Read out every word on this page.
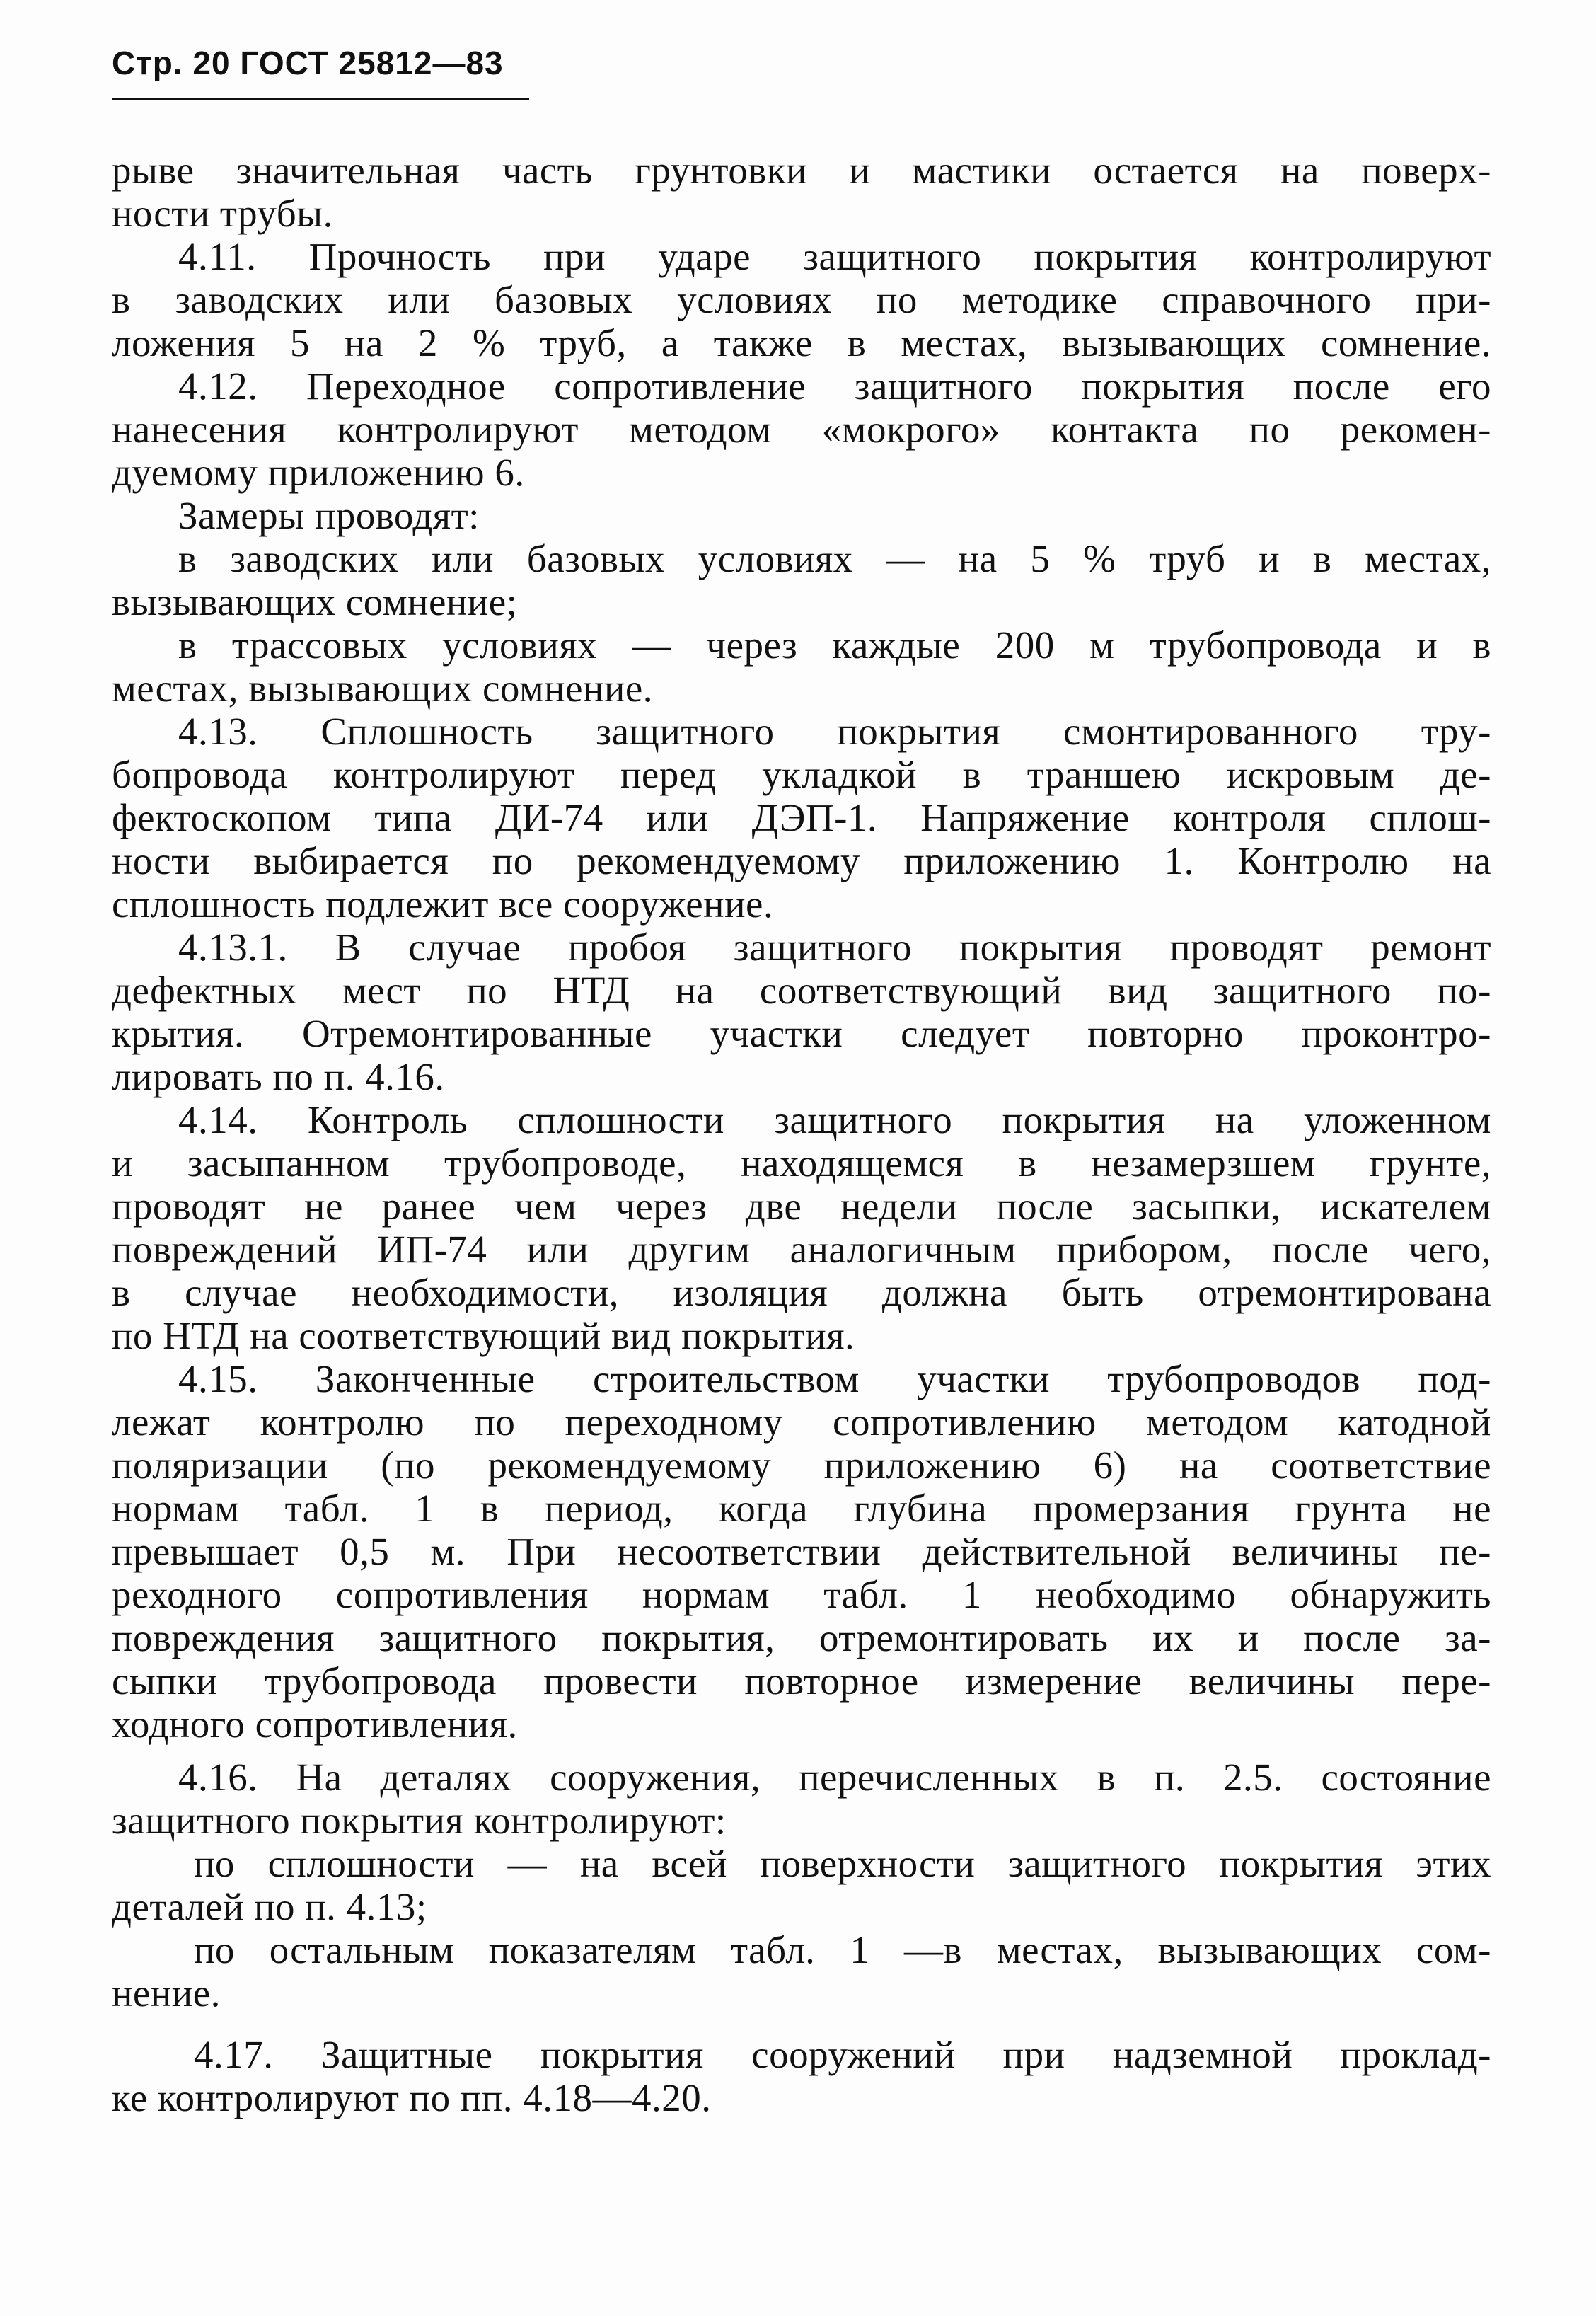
Стр. 20 ГОСТ 25812—83
рыве значительная часть грунтовки и мастики остается на поверх-
ности трубы.
4.11. Прочность при ударе защитного покрытия контролируют
в заводских или базовых условиях по методике справочного при-
ложения 5 на 2 % труб, а также в местах, вызывающих сомнение.
4.12. Переходное сопротивление защитного покрытия после его
нанесения контролируют методом «мокрого» контакта по рекомен-
дуемому приложению 6.
Замеры проводят:
в заводских или базовых условиях — на 5 % труб и в местах,
вызывающих сомнение;
в трассовых условиях — через каждые 200 м трубопровода и в
местах, вызывающих сомнение.
4.13. Сплошность защитного покрытия смонтированного тру-
бопровода контролируют перед укладкой в траншею искровым де-
фектоскопом типа ДИ-74 или ДЭП-1. Напряжение контроля сплош-
ности выбирается по рекомендуемому приложению 1. Контролю на
сплошность подлежит все сооружение.
4.13.1. В случае пробоя защитного покрытия проводят ремонт
дефектных мест по НТД на соответствующий вид защитного по-
крытия. Отремонтированные участки следует повторно проконтро-
лировать по п. 4.16.
4.14. Контроль сплошности защитного покрытия на уложенном
и засыпанном трубопроводе, находящемся в незамерзшем грунте,
проводят не ранее чем через две недели после засыпки, искателем
повреждений ИП-74 или другим аналогичным прибором, после чего,
в случае необходимости, изоляция должна быть отремонтирована
по НТД на соответствующий вид покрытия.
4.15. Законченные строительством участки трубопроводов под-
лежат контролю по переходному сопротивлению методом катодной
поляризации (по рекомендуемому приложению 6) на соответствие
нормам табл. 1 в период, когда глубина промерзания грунта не
превышает 0,5 м. При несоответствии действительной величины пе-
реходного сопротивления нормам табл. 1 необходимо обнаружить
повреждения защитного покрытия, отремонтировать их и после за-
сыпки трубопровода провести повторное измерение величины пере-
ходного сопротивления.
4.16. На деталях сооружения, перечисленных в п. 2.5. состояние
защитного покрытия контролируют:
по сплошности — на всей поверхности защитного покрытия этих
деталей по п. 4.13;
по остальным показателям табл. 1 —в местах, вызывающих сом-
нение.
4.17. Защитные покрытия сооружений при надземной проклад-
ке контролируют по пп. 4.18—4.20.
